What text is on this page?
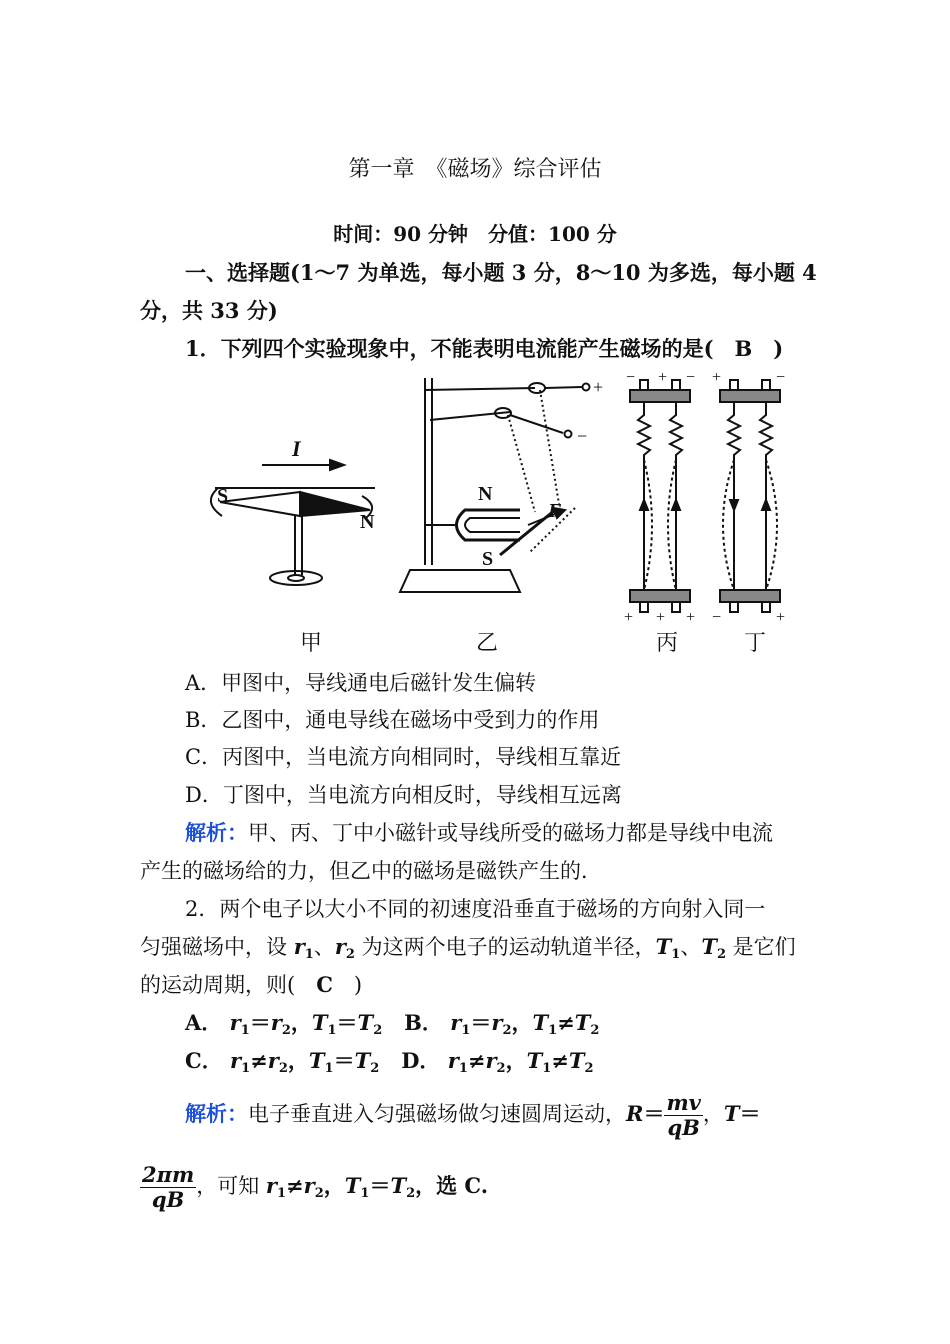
第一章　《磁场》综合评估
时间：90 分钟　分值：100 分
一、选择题(1～7 为单选，每小题 3 分，8～10 为多选，每小题 4
分，共 33 分)
1．下列四个实验现象中，不能表明电流能产生磁场的是(　B　)
I
S
N
+
−
N
S
F
− + −
+ + +
+	−
−	+
甲	乙	丙	丁
A．甲图中，导线通电后磁针发生偏转
B．乙图中，通电导线在磁场中受到力的作用
C．丙图中，当电流方向相同时，导线相互靠近
D．丁图中，当电流方向相反时，导线相互远离
解析：甲、丙、丁中小磁针或导线所受的磁场力都是导线中电流
产生的磁场给的力，但乙中的磁场是磁铁产生的．
2．两个电子以大小不同的初速度沿垂直于磁场的方向射入同一
匀强磁场中，设 $r_1$、$r_2$ 为这两个电子的运动轨道半径，$T_1$、$T_2$ 是它们
的运动周期，则(　C　)
A． $r_1=r_2$，$T_1=T_2$ B． $r_1=r_2$，$T_1\ne T_2$
C． $r_1\ne r_2$，$T_1=T_2$ D． $r_1\ne r_2$，$T_1\ne T_2$
解析：电子垂直进入匀强磁场做匀速圆周运动，$R= \frac{mv}{qB}$ ，T＝
$\frac{2\pi m}{qB}$ ，可知 $r_1\ne r_2$，$T_1=T_2$，选 C.
